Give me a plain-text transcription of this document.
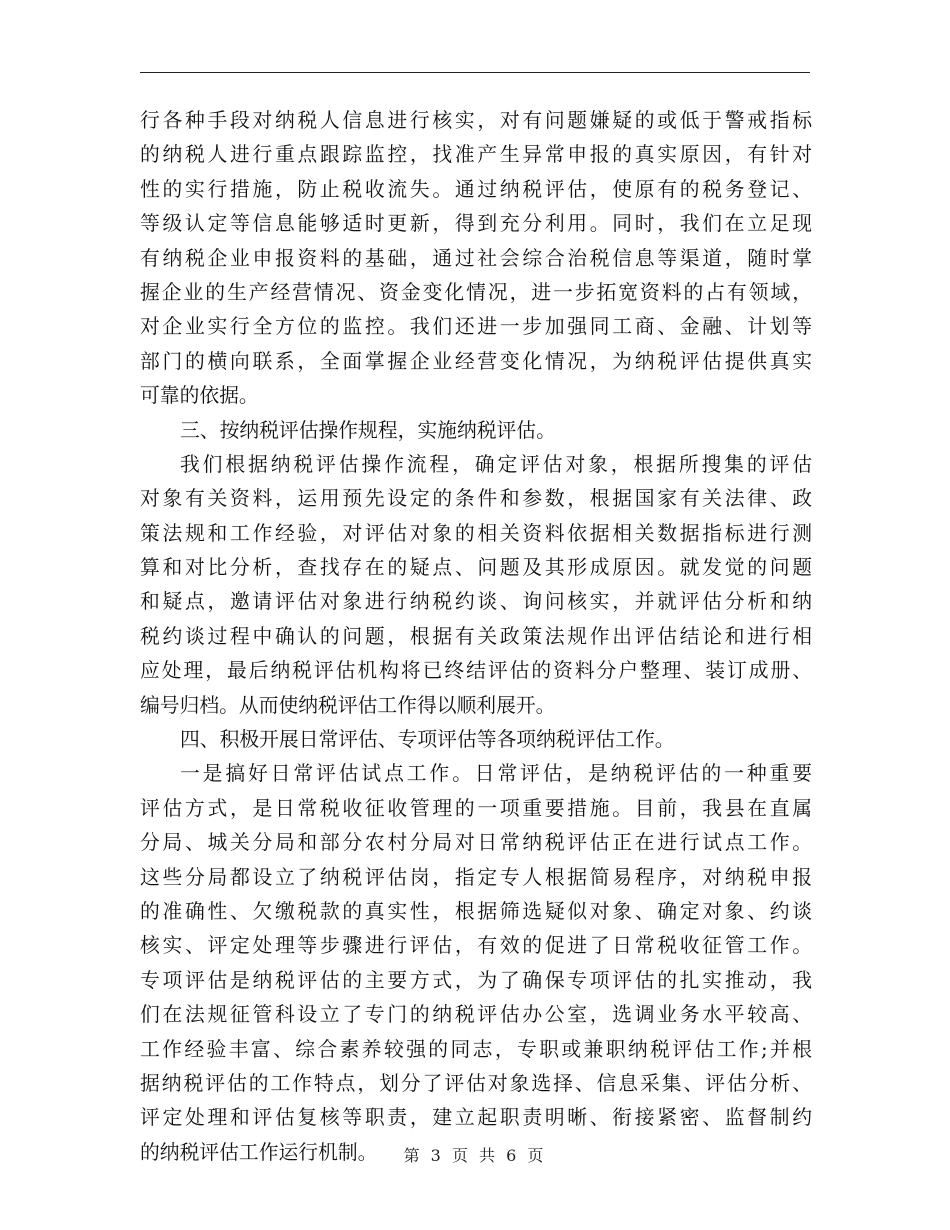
行各种手段对纳税人信息进行核实，对有问题嫌疑的或低于警戒指标
的纳税人进行重点跟踪监控，找准产生异常申报的真实原因，有针对
性的实行措施，防止税收流失。通过纳税评估，使原有的税务登记、
等级认定等信息能够适时更新，得到充分利用。同时，我们在立足现
有纳税企业申报资料的基础，通过社会综合治税信息等渠道，随时掌
握企业的生产经营情况、资金变化情况，进一步拓宽资料的占有领域，
对企业实行全方位的监控。我们还进一步加强同工商、金融、计划等
部门的横向联系，全面掌握企业经营变化情况，为纳税评估提供真实
可靠的依据。
三、按纳税评估操作规程，实施纳税评估。
我们根据纳税评估操作流程，确定评估对象，根据所搜集的评估
对象有关资料，运用预先设定的条件和参数，根据国家有关法律、政
策法规和工作经验，对评估对象的相关资料依据相关数据指标进行测
算和对比分析，查找存在的疑点、问题及其形成原因。就发觉的问题
和疑点，邀请评估对象进行纳税约谈、询问核实，并就评估分析和纳
税约谈过程中确认的问题，根据有关政策法规作出评估结论和进行相
应处理，最后纳税评估机构将已终结评估的资料分户整理、装订成册、
编号归档。从而使纳税评估工作得以顺利展开。
四、积极开展日常评估、专项评估等各项纳税评估工作。
一是搞好日常评估试点工作。日常评估，是纳税评估的一种重要
评估方式，是日常税收征收管理的一项重要措施。目前，我县在直属
分局、城关分局和部分农村分局对日常纳税评估正在进行试点工作。
这些分局都设立了纳税评估岗，指定专人根据简易程序，对纳税申报
的准确性、欠缴税款的真实性，根据筛选疑似对象、确定对象、约谈
核实、评定处理等步骤进行评估，有效的促进了日常税收征管工作。
专项评估是纳税评估的主要方式，为了确保专项评估的扎实推动，我
们在法规征管科设立了专门的纳税评估办公室，选调业务水平较高、
工作经验丰富、综合素养较强的同志，专职或兼职纳税评估工作;并根
据纳税评估的工作特点，划分了评估对象选择、信息采集、评估分析、
评定处理和评估复核等职责，建立起职责明晰、衔接紧密、监督制约
的纳税评估工作运行机制。	第 3 页 共 6 页
